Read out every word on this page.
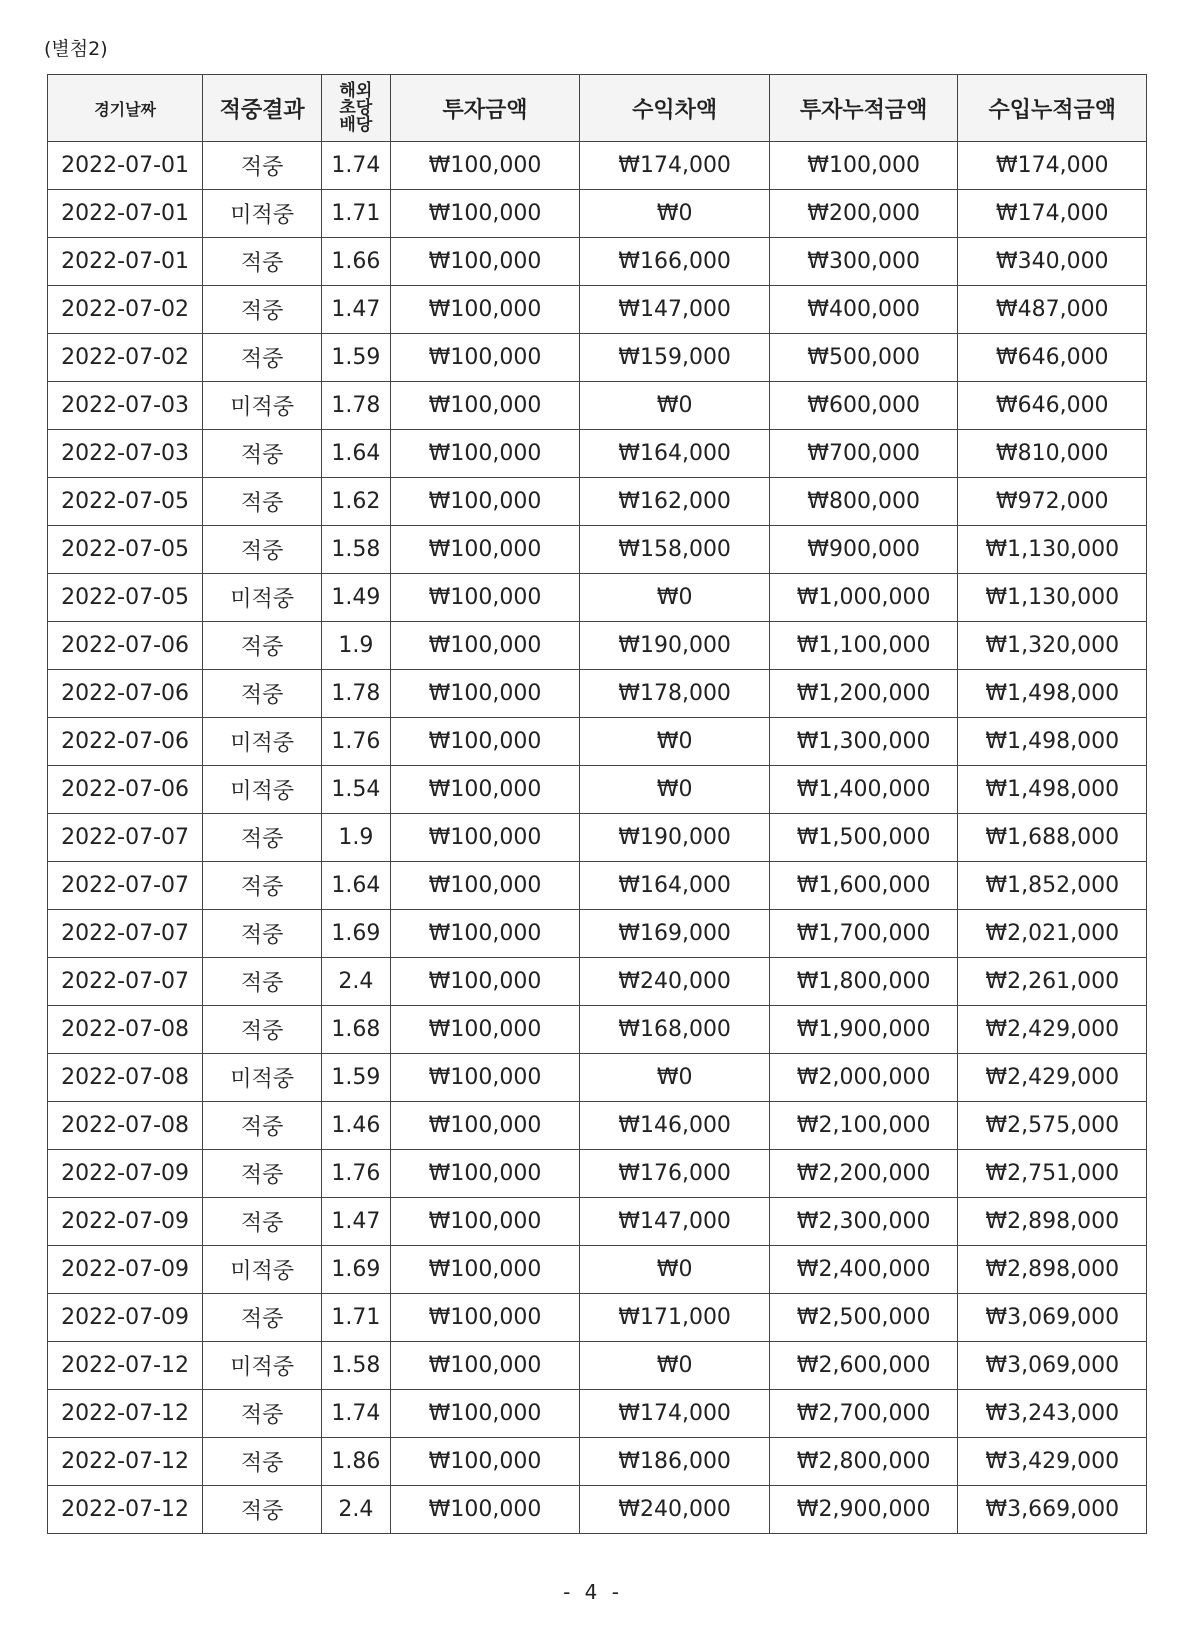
(별첨2)
경기날짜	적중결과	해외
초당
배당	투자금액	수익차액	투자누적금액	수입누적금액
2022-07-01	적중	1.74	₩100,000	₩174,000	₩100,000	₩174,000
2022-07-01	미적중	1.71	₩100,000	₩0	₩200,000	₩174,000
2022-07-01	적중	1.66	₩100,000	₩166,000	₩300,000	₩340,000
2022-07-02	적중	1.47	₩100,000	₩147,000	₩400,000	₩487,000
2022-07-02	적중	1.59	₩100,000	₩159,000	₩500,000	₩646,000
2022-07-03	미적중	1.78	₩100,000	₩0	₩600,000	₩646,000
2022-07-03	적중	1.64	₩100,000	₩164,000	₩700,000	₩810,000
2022-07-05	적중	1.62	₩100,000	₩162,000	₩800,000	₩972,000
2022-07-05	적중	1.58	₩100,000	₩158,000	₩900,000	₩1,130,000
2022-07-05	미적중	1.49	₩100,000	₩0	₩1,000,000	₩1,130,000
2022-07-06	적중	1.9	₩100,000	₩190,000	₩1,100,000	₩1,320,000
2022-07-06	적중	1.78	₩100,000	₩178,000	₩1,200,000	₩1,498,000
2022-07-06	미적중	1.76	₩100,000	₩0	₩1,300,000	₩1,498,000
2022-07-06	미적중	1.54	₩100,000	₩0	₩1,400,000	₩1,498,000
2022-07-07	적중	1.9	₩100,000	₩190,000	₩1,500,000	₩1,688,000
2022-07-07	적중	1.64	₩100,000	₩164,000	₩1,600,000	₩1,852,000
2022-07-07	적중	1.69	₩100,000	₩169,000	₩1,700,000	₩2,021,000
2022-07-07	적중	2.4	₩100,000	₩240,000	₩1,800,000	₩2,261,000
2022-07-08	적중	1.68	₩100,000	₩168,000	₩1,900,000	₩2,429,000
2022-07-08	미적중	1.59	₩100,000	₩0	₩2,000,000	₩2,429,000
2022-07-08	적중	1.46	₩100,000	₩146,000	₩2,100,000	₩2,575,000
2022-07-09	적중	1.76	₩100,000	₩176,000	₩2,200,000	₩2,751,000
2022-07-09	적중	1.47	₩100,000	₩147,000	₩2,300,000	₩2,898,000
2022-07-09	미적중	1.69	₩100,000	₩0	₩2,400,000	₩2,898,000
2022-07-09	적중	1.71	₩100,000	₩171,000	₩2,500,000	₩3,069,000
2022-07-12	미적중	1.58	₩100,000	₩0	₩2,600,000	₩3,069,000
2022-07-12	적중	1.74	₩100,000	₩174,000	₩2,700,000	₩3,243,000
2022-07-12	적중	1.86	₩100,000	₩186,000	₩2,800,000	₩3,429,000
2022-07-12	적중	2.4	₩100,000	₩240,000	₩2,900,000	₩3,669,000
- 4 -
